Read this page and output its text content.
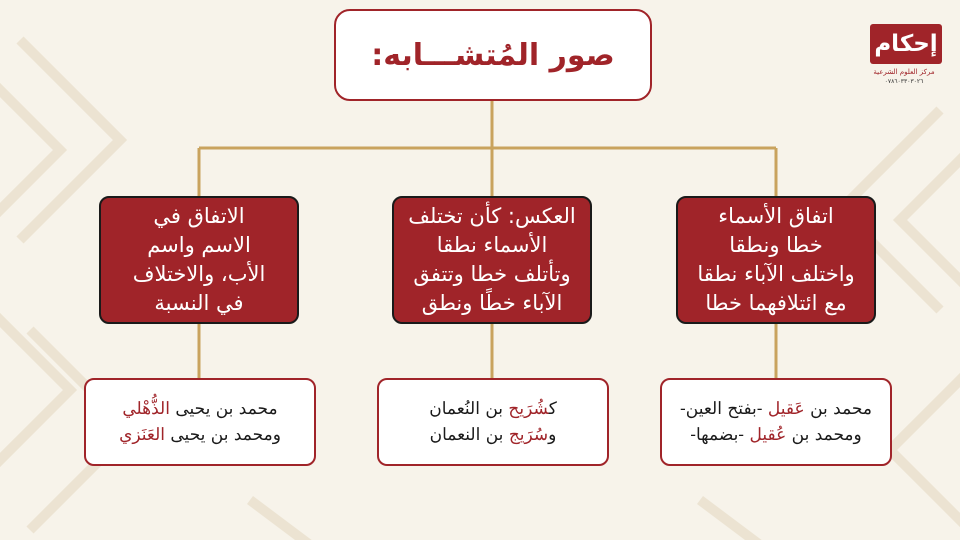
صور المُتشـــابه:
اتفاق الأسماء
خطا ونطقا
واختلف الآباء نطقا
مع ائتلافهما خطا
العكس: كأن تختلف
الأسماء نطقا
وتأتلف خطا وتتفق
الآباء خطًا ونطق
الاتفاق في
الاسم واسم
الأب، والاختلاف
في النسبة
محمد بن عَقيل -بفتح العين-
ومحمد بن عُقيل -بضمها-
كشُرَيح بن النُعمان
وسُرَيج بن النعمان
محمد بن يحيى الذُّهْلي
ومحمد بن يحيى العَنَزي
إحكام
مركز العلوم الشرعية
٠٧٨٦٠٣٣٠٣٠٢٦
